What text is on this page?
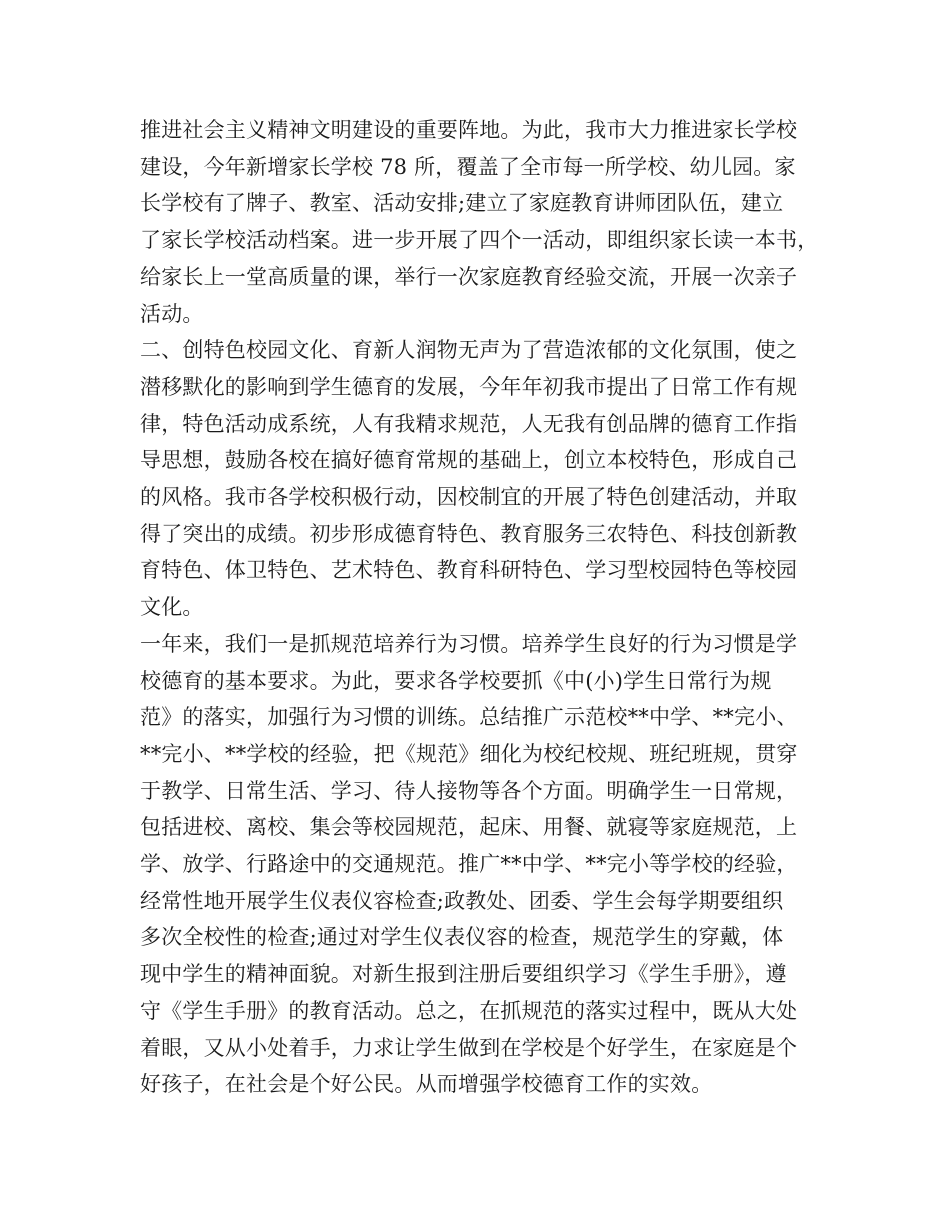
推进社会主义精神文明建设的重要阵地。为此，我市大力推进家长学校
建设，今年新增家长学校 78 所，覆盖了全市每一所学校、幼儿园。家
长学校有了牌子、教室、活动安排;建立了家庭教育讲师团队伍，建立
了家长学校活动档案。进一步开展了四个一活动，即组织家长读一本书，
给家长上一堂高质量的课，举行一次家庭教育经验交流，开展一次亲子
活动。
二、创特色校园文化、育新人润物无声为了营造浓郁的文化氛围，使之
潜移默化的影响到学生德育的发展，今年年初我市提出了日常工作有规
律，特色活动成系统，人有我精求规范，人无我有创品牌的德育工作指
导思想，鼓励各校在搞好德育常规的基础上，创立本校特色，形成自己
的风格。我市各学校积极行动，因校制宜的开展了特色创建活动，并取
得了突出的成绩。初步形成德育特色、教育服务三农特色、科技创新教
育特色、体卫特色、艺术特色、教育科研特色、学习型校园特色等校园
文化。
一年来，我们一是抓规范培养行为习惯。培养学生良好的行为习惯是学
校德育的基本要求。为此，要求各学校要抓《中(小)学生日常行为规
范》的落实，加强行为习惯的训练。总结推广示范校**中学、**完小、
**完小、**学校的经验，把《规范》细化为校纪校规、班纪班规，贯穿
于教学、日常生活、学习、待人接物等各个方面。明确学生一日常规，
包括进校、离校、集会等校园规范，起床、用餐、就寝等家庭规范，上
学、放学、行路途中的交通规范。推广**中学、**完小等学校的经验，
经常性地开展学生仪表仪容检查;政教处、团委、学生会每学期要组织
多次全校性的检查;通过对学生仪表仪容的检查，规范学生的穿戴，体
现中学生的精神面貌。对新生报到注册后要组织学习《学生手册》，遵
守《学生手册》的教育活动。总之，在抓规范的落实过程中，既从大处
着眼，又从小处着手，力求让学生做到在学校是个好学生，在家庭是个
好孩子，在社会是个好公民。从而增强学校德育工作的实效。
